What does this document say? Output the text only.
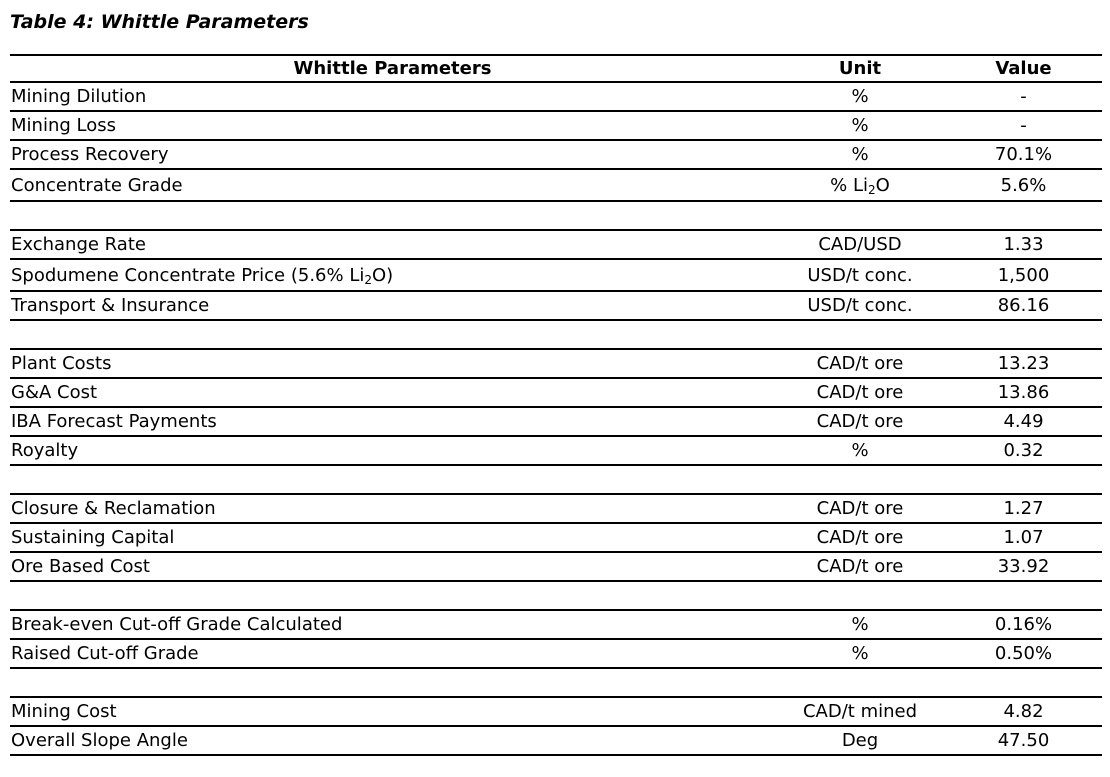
Table 4: Whittle Parameters
Whittle Parameters	Unit	Value
Mining Dilution	%	-
Mining Loss	%	-
Process Recovery	%	70.1%
Concentrate Grade	% $Li_2O$	5.6%
Exchange Rate	CAD/USD	1.33
Spodumene Concentrate Price (5.6% $Li_2O$)	USD/t conc.	1,500
Transport & Insurance	USD/t conc.	86.16
Plant Costs	CAD/t ore	13.23
G&A Cost	CAD/t ore	13.86
IBA Forecast Payments	CAD/t ore	4.49
Royalty	%	0.32
Closure & Reclamation	CAD/t ore	1.27
Sustaining Capital	CAD/t ore	1.07
Ore Based Cost	CAD/t ore	33.92
Break-even Cut-off Grade Calculated	%	0.16%
Raised Cut-off Grade	%	0.50%
Mining Cost	CAD/t mined	4.82
Overall Slope Angle	Deg	47.50
